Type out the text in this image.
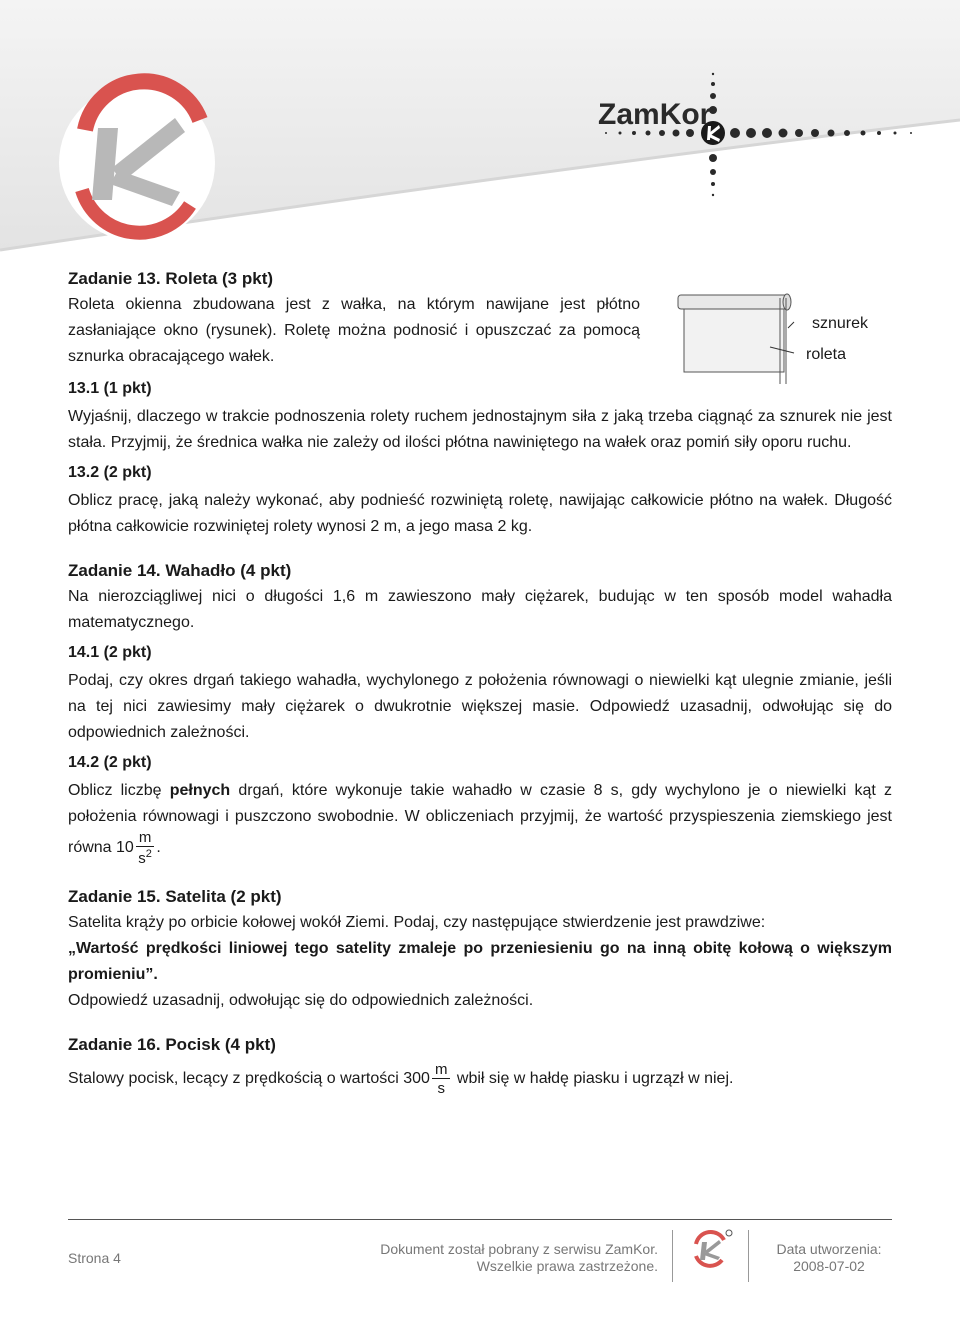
ZamKor
sznurek
roleta

Zadanie 13. Roleta (3 pkt)

Roleta okienna zbudowana jest z wałka, na którym nawijane jest płótno zasłaniające okno (rysunek). Roletę można podnosić i opuszczać za pomocą sznurka obracającego wałek.

13.1 (1 pkt)

Wyjaśnij, dlaczego w trakcie podnoszenia rolety ruchem jednostajnym siła z jaką trzeba ciągnąć za sznurek nie jest stała. Przyjmij, że średnica wałka nie zależy od ilości płótna nawiniętego na wałek oraz pomiń siły oporu ruchu.

13.2 (2 pkt)

Oblicz pracę, jaką należy wykonać, aby podnieść rozwiniętą roletę, nawijając całkowicie płótno na wałek. Długość płótna całkowicie rozwiniętej rolety wynosi 2 m, a jego masa 2 kg.

Zadanie 14. Wahadło (4 pkt)

Na nierozciągliwej nici o długości 1,6 m zawieszono mały ciężarek, budując w ten sposób model wahadła matematycznego.

14.1 (2 pkt)

Podaj, czy okres drgań takiego wahadła, wychylonego z położenia równowagi o niewielki kąt ulegnie zmianie, jeśli na tej nici zawiesimy mały ciężarek o dwukrotnie większej masie. Odpowiedź uzasadnij, odwołując się do odpowiednich zależności.

14.2 (2 pkt)

Oblicz liczbę pełnych drgań, które wykonuje takie wahadło w czasie 8 s, gdy wychylono je o niewielki kąt z położenia równowagi i puszczono swobodnie. W obliczeniach przyjmij, że wartość przyspieszenia ziemskiego jest równa $10 \frac{m}{s^2}$ .

Zadanie 15. Satelita (2 pkt)

Satelita krąży po orbicie kołowej wokół Ziemi. Podaj, czy następujące stwierdzenie jest prawdziwe:

„Wartość prędkości liniowej tego satelity zmaleje po przeniesieniu go na inną obitę kołową o większym promieniu”.

Odpowiedź uzasadnij, odwołując się do odpowiednich zależności.

Zadanie 16. Pocisk (4 pkt)

Stalowy pocisk, lecący z prędkością o wartości $300 \frac{m}{s}$ wbił się w hałdę piasku i ugrzązł w niej.

Strona 4
Dokument został pobrany z serwisu ZamKor.
Wszelkie prawa zastrzeżone.
Data utworzenia:
2008-07-02
